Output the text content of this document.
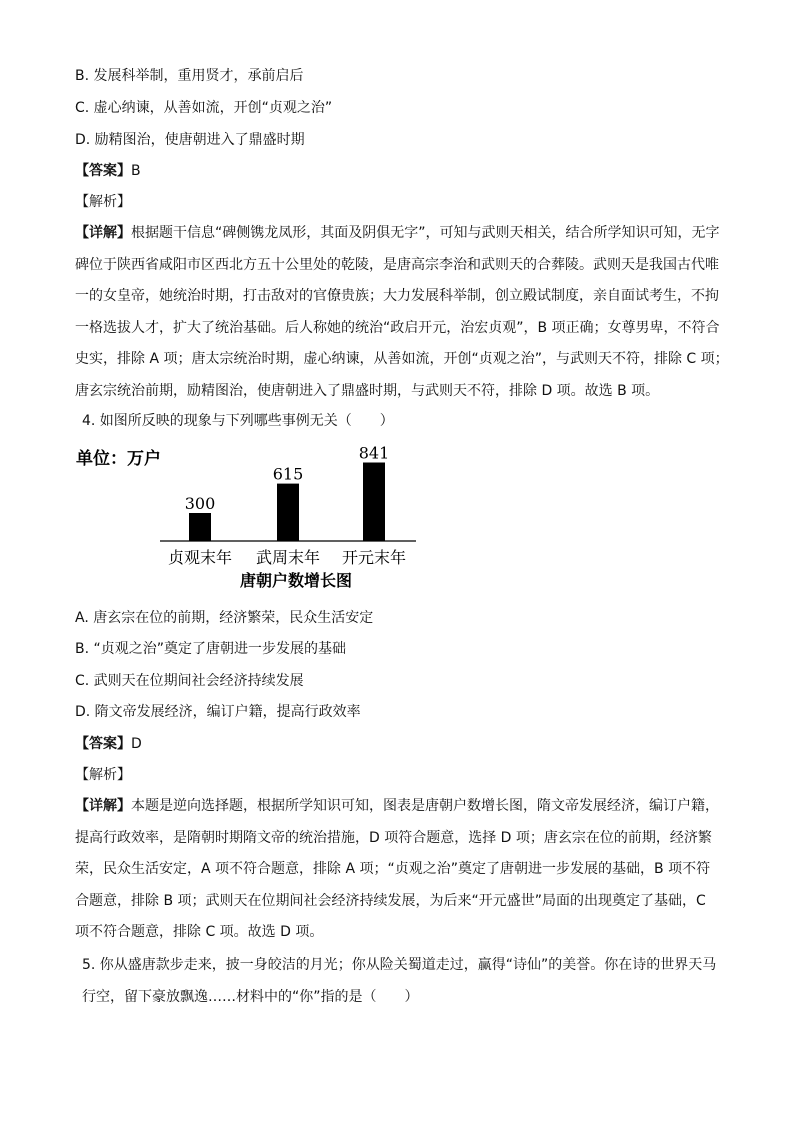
B. 发展科举制，重用贤才，承前启后
C. 虚心纳谏，从善如流，开创“贞观之治”
D. 励精图治，使唐朝进入了鼎盛时期
【答案】B
【解析】
【详解】根据题干信息“碑侧镌龙凤形，其面及阴俱无字”，可知与武则天相关，结合所学知识可知，无字
碑位于陕西省咸阳市区西北方五十公里处的乾陵，是唐高宗李治和武则天的合葬陵。武则天是我国古代唯
一的女皇帝，她统治时期，打击敌对的官僚贵族；大力发展科举制，创立殿试制度，亲自面试考生，不拘
一格选拔人才，扩大了统治基础。后人称她的统治“政启开元，治宏贞观”，B 项正确；女尊男卑，不符合
史实，排除 A 项；唐太宗统治时期，虚心纳谏，从善如流，开创“贞观之治”，与武则天不符，排除 C 项；
唐玄宗统治前期，励精图治，使唐朝进入了鼎盛时期，与武则天不符，排除 D 项。故选 B 项。
4. 如图所反映的现象与下列哪些事例无关（　　）
单位：万户
300
615
841
贞观末年 武周末年 开元末年
唐朝户数增长图
A. 唐玄宗在位的前期，经济繁荣，民众生活安定
B. “贞观之治”奠定了唐朝进一步发展的基础
C. 武则天在位期间社会经济持续发展
D. 隋文帝发展经济，编订户籍，提高行政效率
【答案】D
【解析】
【详解】本题是逆向选择题，根据所学知识可知，图表是唐朝户数增长图，隋文帝发展经济，编订户籍，
提高行政效率，是隋朝时期隋文帝的统治措施，D 项符合题意，选择 D 项；唐玄宗在位的前期，经济繁
荣，民众生活安定，A 项不符合题意，排除 A 项；“贞观之治”奠定了唐朝进一步发展的基础，B 项不符
合题意，排除 B 项；武则天在位期间社会经济持续发展，为后来“开元盛世”局面的出现奠定了基础，C
项不符合题意，排除 C 项。故选 D 项。
5. 你从盛唐款步走来，披一身皎洁的月光；你从险关蜀道走过，赢得“诗仙”的美誉。你在诗的世界天马
行空，留下豪放飘逸……材料中的“你”指的是（　　）
